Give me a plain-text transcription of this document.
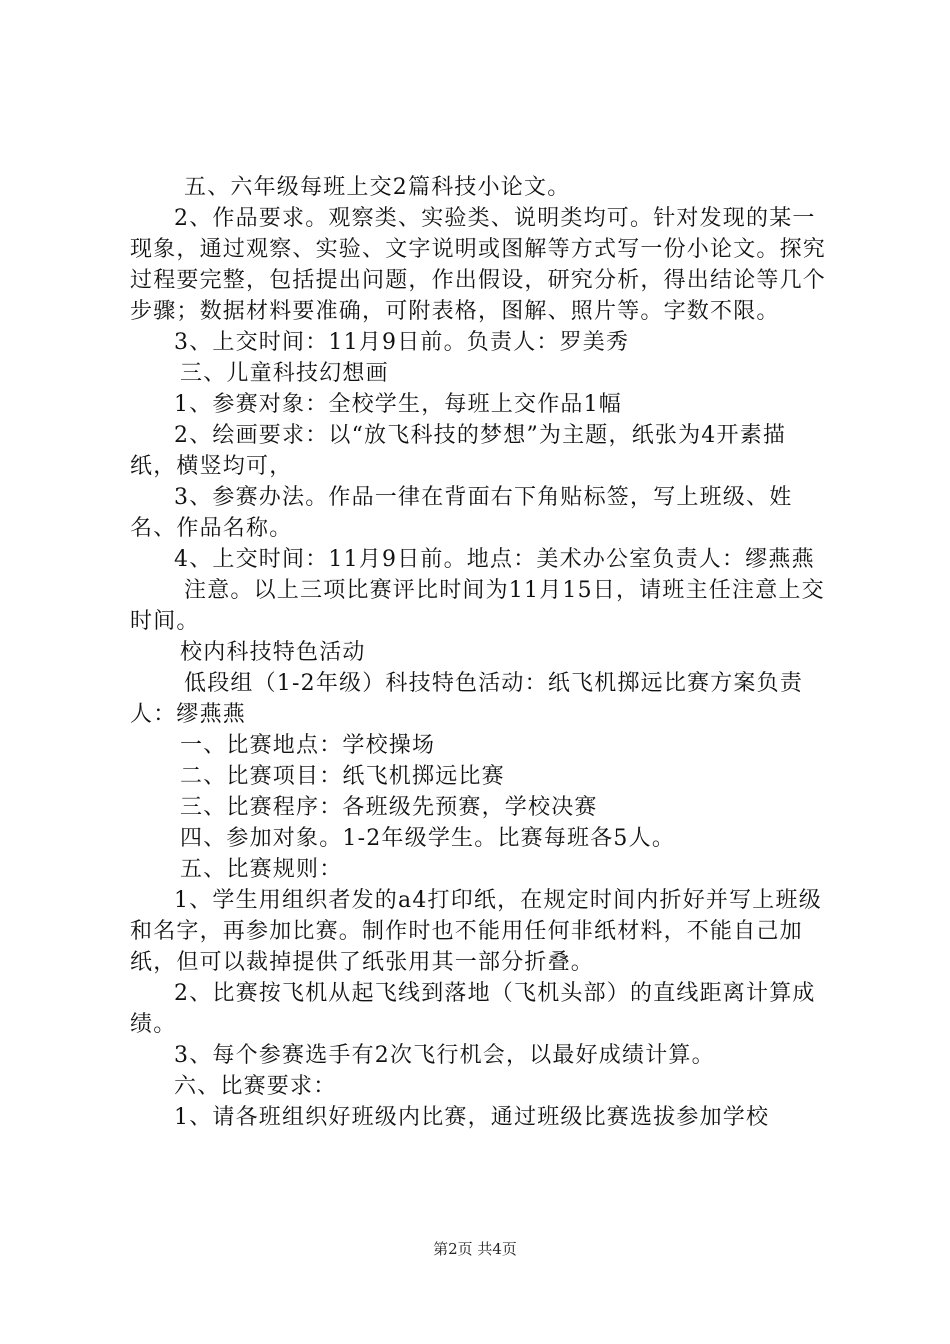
五、六年级每班上交2篇科技小论文。

2、作品要求。观察类、实验类、说明类均可。针对发现的某一现象，通过观察、实验、文字说明或图解等方式写一份小论文。探究过程要完整，包括提出问题，作出假设，研究分析，得出结论等几个步骤；数据材料要准确，可附表格，图解、照片等。字数不限。

3、上交时间：11月9日前。负责人：罗美秀

三、儿童科技幻想画

1、参赛对象：全校学生，每班上交作品1幅

2、绘画要求：以“放飞科技的梦想”为主题，纸张为4开素描纸，横竖均可，

3、参赛办法。作品一律在背面右下角贴标签，写上班级、姓名、作品名称。

4、上交时间：11月9日前。地点：美术办公室负责人：缪燕燕

注意。以上三项比赛评比时间为11月15日，请班主任注意上交时间。

校内科技特色活动

低段组（1-2年级）科技特色活动：纸飞机掷远比赛方案负责人：缪燕燕

一、比赛地点：学校操场

二、比赛项目：纸飞机掷远比赛

三、比赛程序：各班级先预赛，学校决赛

四、参加对象。1-2年级学生。比赛每班各5人。

五、比赛规则：

1、学生用组织者发的a4打印纸，在规定时间内折好并写上班级和名字，再参加比赛。制作时也不能用任何非纸材料，不能自己加纸，但可以裁掉提供了纸张用其一部分折叠。

2、比赛按飞机从起飞线到落地（飞机头部）的直线距离计算成绩。

3、每个参赛选手有2次飞行机会，以最好成绩计算。

六、比赛要求：

1、请各班组织好班级内比赛，通过班级比赛选拔参加学校

第2页 共4页
